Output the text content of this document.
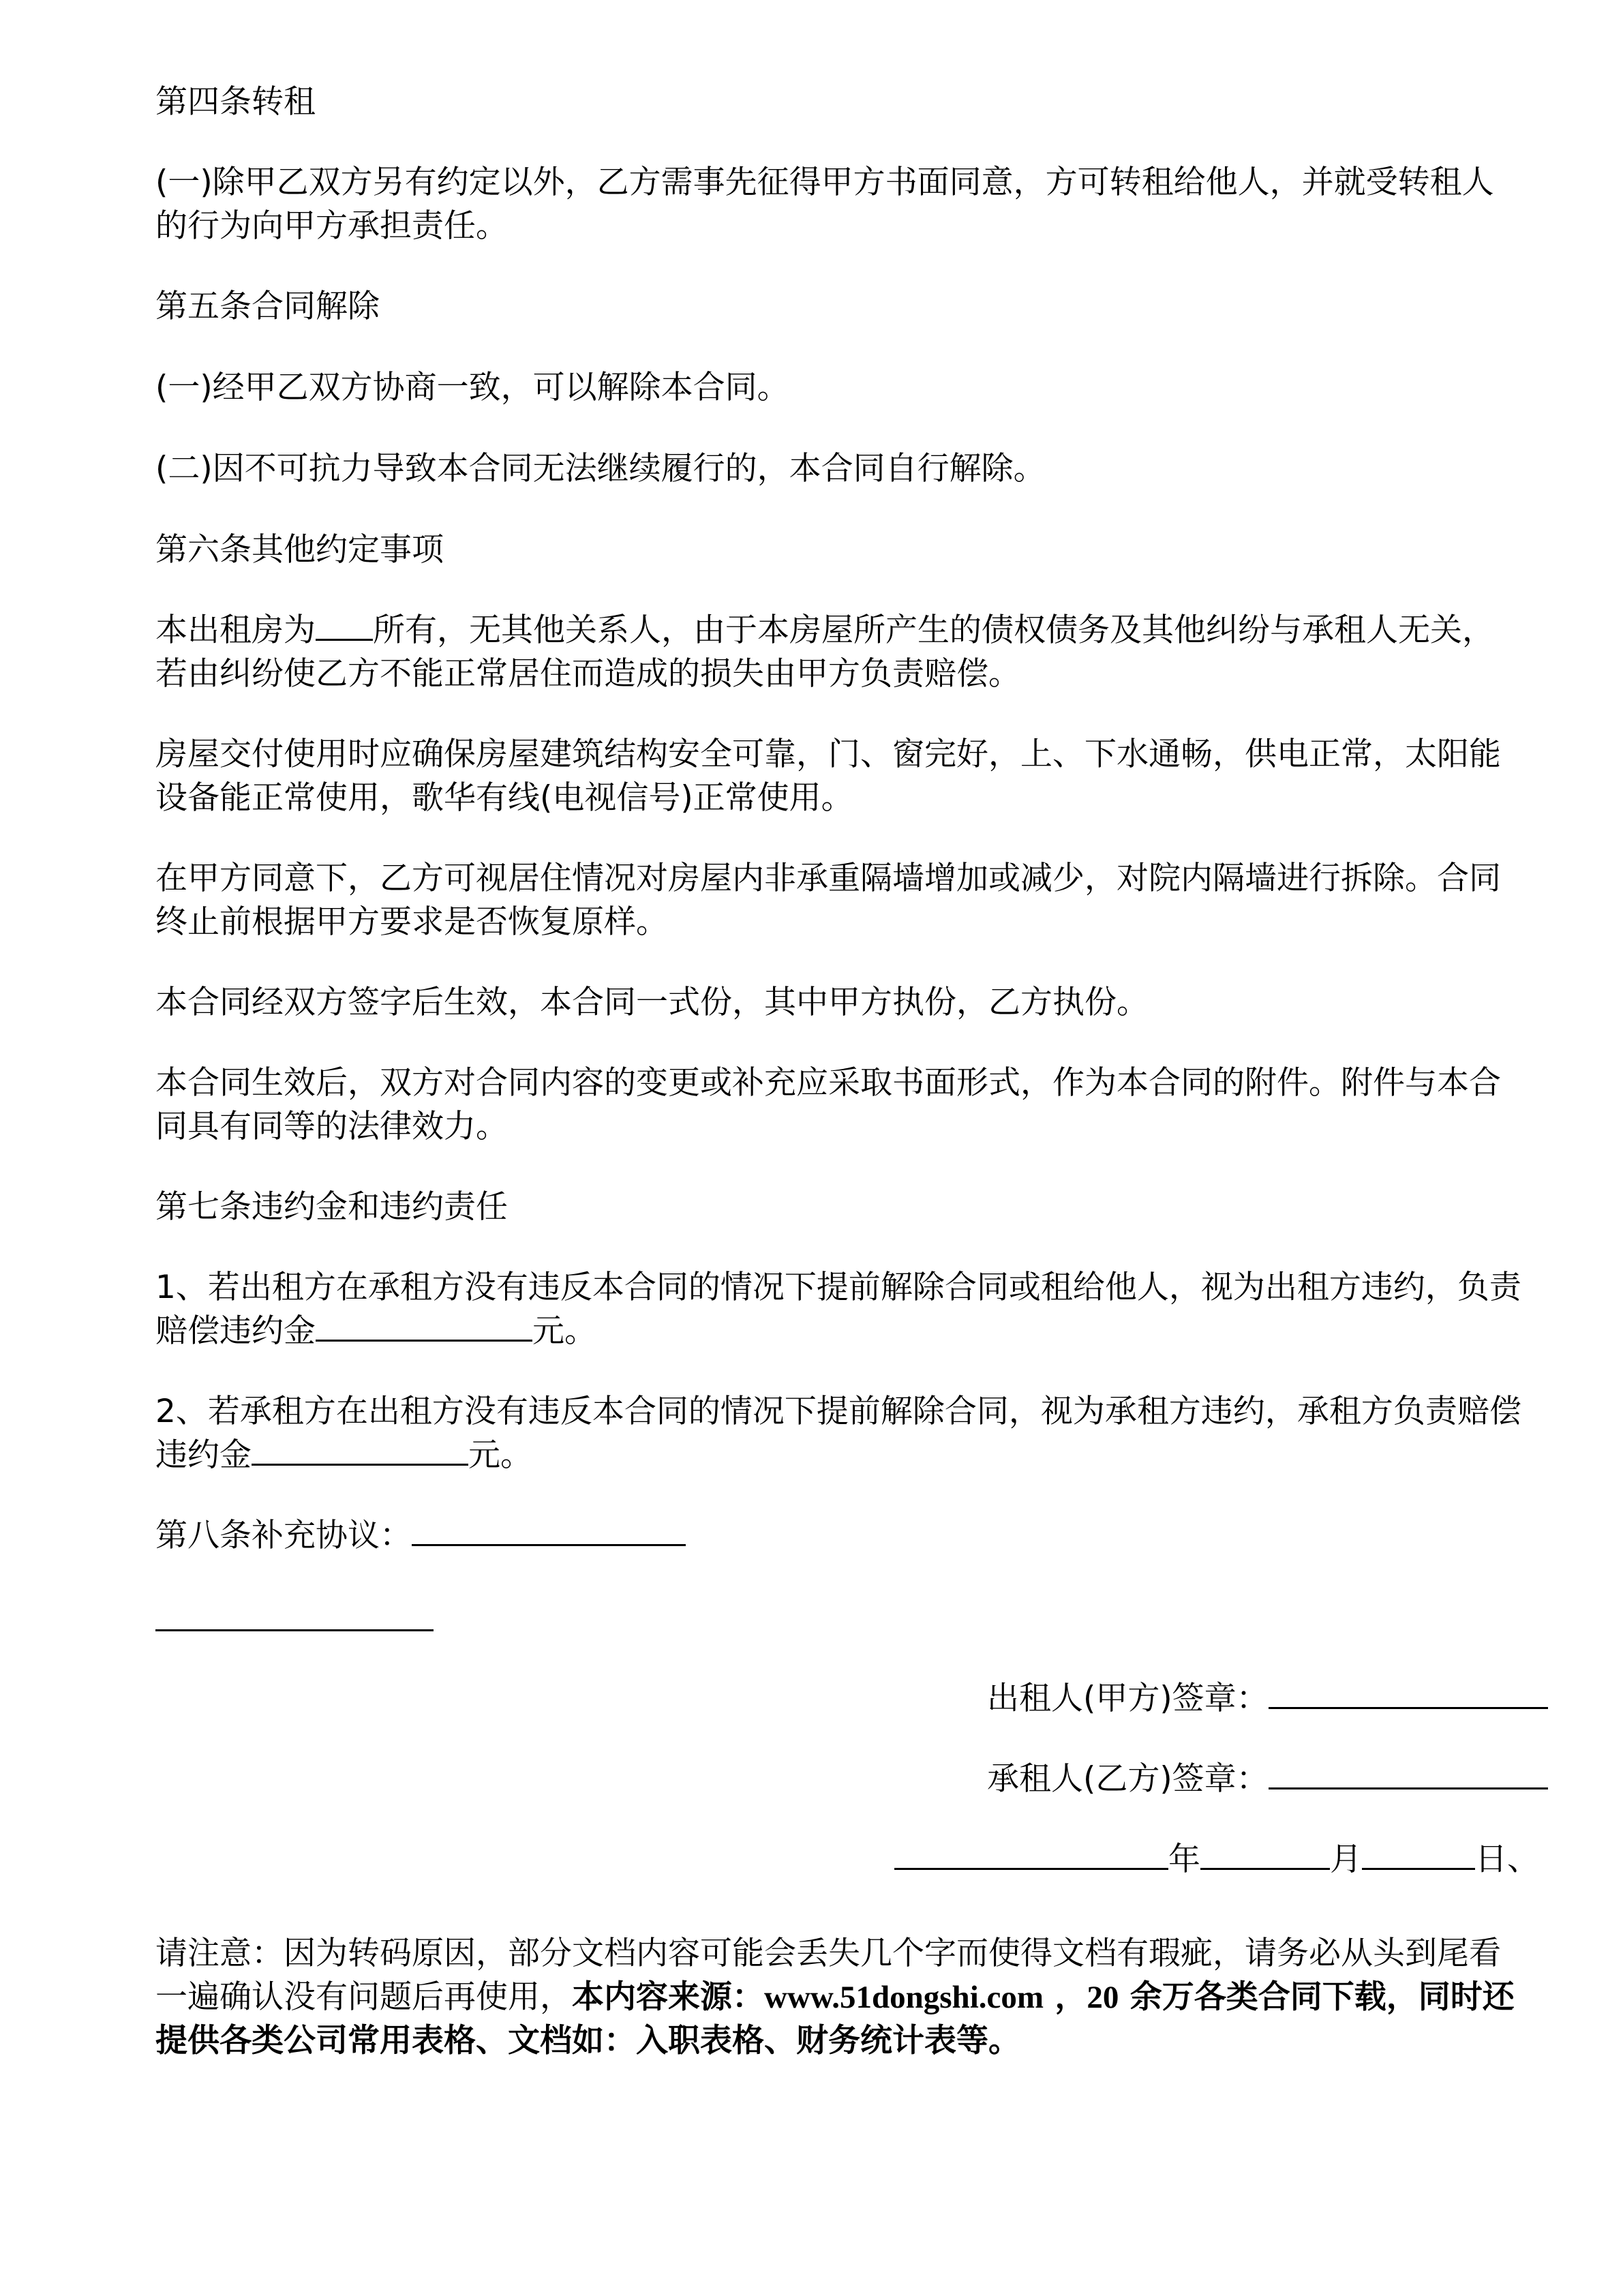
第四条转租
(一)除甲乙双方另有约定以外，乙方需事先征得甲方书面同意，方可转租给他人，并就受转租人
的行为向甲方承担责任。
第五条合同解除
(一)经甲乙双方协商一致，可以解除本合同。
(二)因不可抗力导致本合同无法继续履行的，本合同自行解除。
第六条其他约定事项
本出租房为 所有，无其他关系人，由于本房屋所产生的债权债务及其他纠纷与承租人无关，
若由纠纷使乙方不能正常居住而造成的损失由甲方负责赔偿。
房屋交付使用时应确保房屋建筑结构安全可靠，门、窗完好，上、下水通畅，供电正常，太阳能
设备能正常使用，歌华有线(电视信号)正常使用。
在甲方同意下，乙方可视居住情况对房屋内非承重隔墙增加或减少，对院内隔墙进行拆除。合同
终止前根据甲方要求是否恢复原样。
本合同经双方签字后生效，本合同一式份，其中甲方执份，乙方执份。
本合同生效后，双方对合同内容的变更或补充应采取书面形式，作为本合同的附件。附件与本合
同具有同等的法律效力。
第七条违约金和违约责任
1、若出租方在承租方没有违反本合同的情况下提前解除合同或租给他人，视为出租方违约，负责
赔偿违约金	元。
2、若承租方在出租方没有违反本合同的情况下提前解除合同，视为承租方违约，承租方负责赔偿
违约金	元。
第八条补充协议：
出租人(甲方)签章：
承租人(乙方)签章：
年	月	日、
请注意：因为转码原因，部分文档内容可能会丢失几个字而使得文档有瑕疵，请务必从头到尾看
一遍确认没有问题后再使用，本内容来源：www.51dongshi.com ，20 余万各类合同下载，同时还
提供各类公司常用表格、文档如：入职表格、财务统计表等。
